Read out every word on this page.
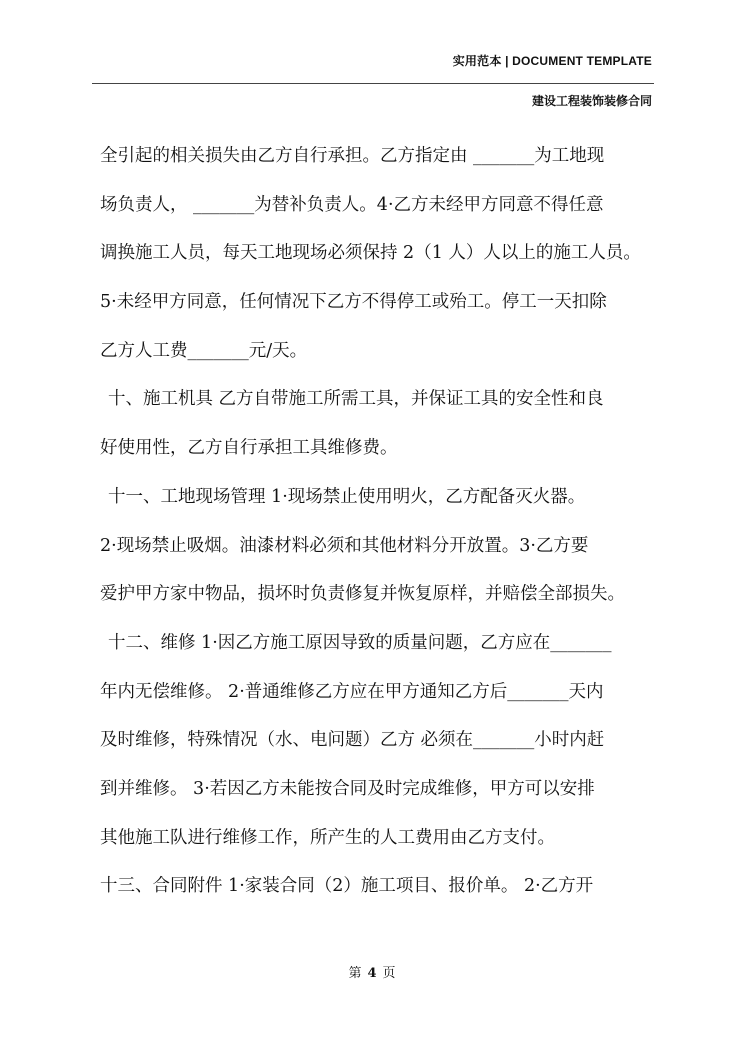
实用范本 | DOCUMENT TEMPLATE
建设工程装饰装修合同
全引起的相关损失由乙方自行承担。乙方指定由 _______为工地现
场负责人， _______为替补负责人。4·乙方未经甲方同意不得任意
调换施工人员，每天工地现场必须保持 2（1 人）人以上的施工人员。
5·未经甲方同意，任何情况下乙方不得停工或殆工。停工一天扣除
乙方人工费_______元/天。
十、施工机具 乙方自带施工所需工具，并保证工具的安全性和良
好使用性，乙方自行承担工具维修费。
十一、工地现场管理 1·现场禁止使用明火，乙方配备灭火器。
2·现场禁止吸烟。油漆材料必须和其他材料分开放置。3·乙方要
爱护甲方家中物品，损坏时负责修复并恢复原样，并赔偿全部损失。
十二、维修 1·因乙方施工原因导致的质量问题，乙方应在_______
年内无偿维修。 2·普通维修乙方应在甲方通知乙方后_______天内
及时维修，特殊情况（水、电问题）乙方 必须在_______小时内赶
到并维修。 3·若因乙方未能按合同及时完成维修，甲方可以安排
其他施工队进行维修工作，所产生的人工费用由乙方支付。
十三、合同附件 1·家装合同（2）施工项目、报价单。 2·乙方开
第 4 页
